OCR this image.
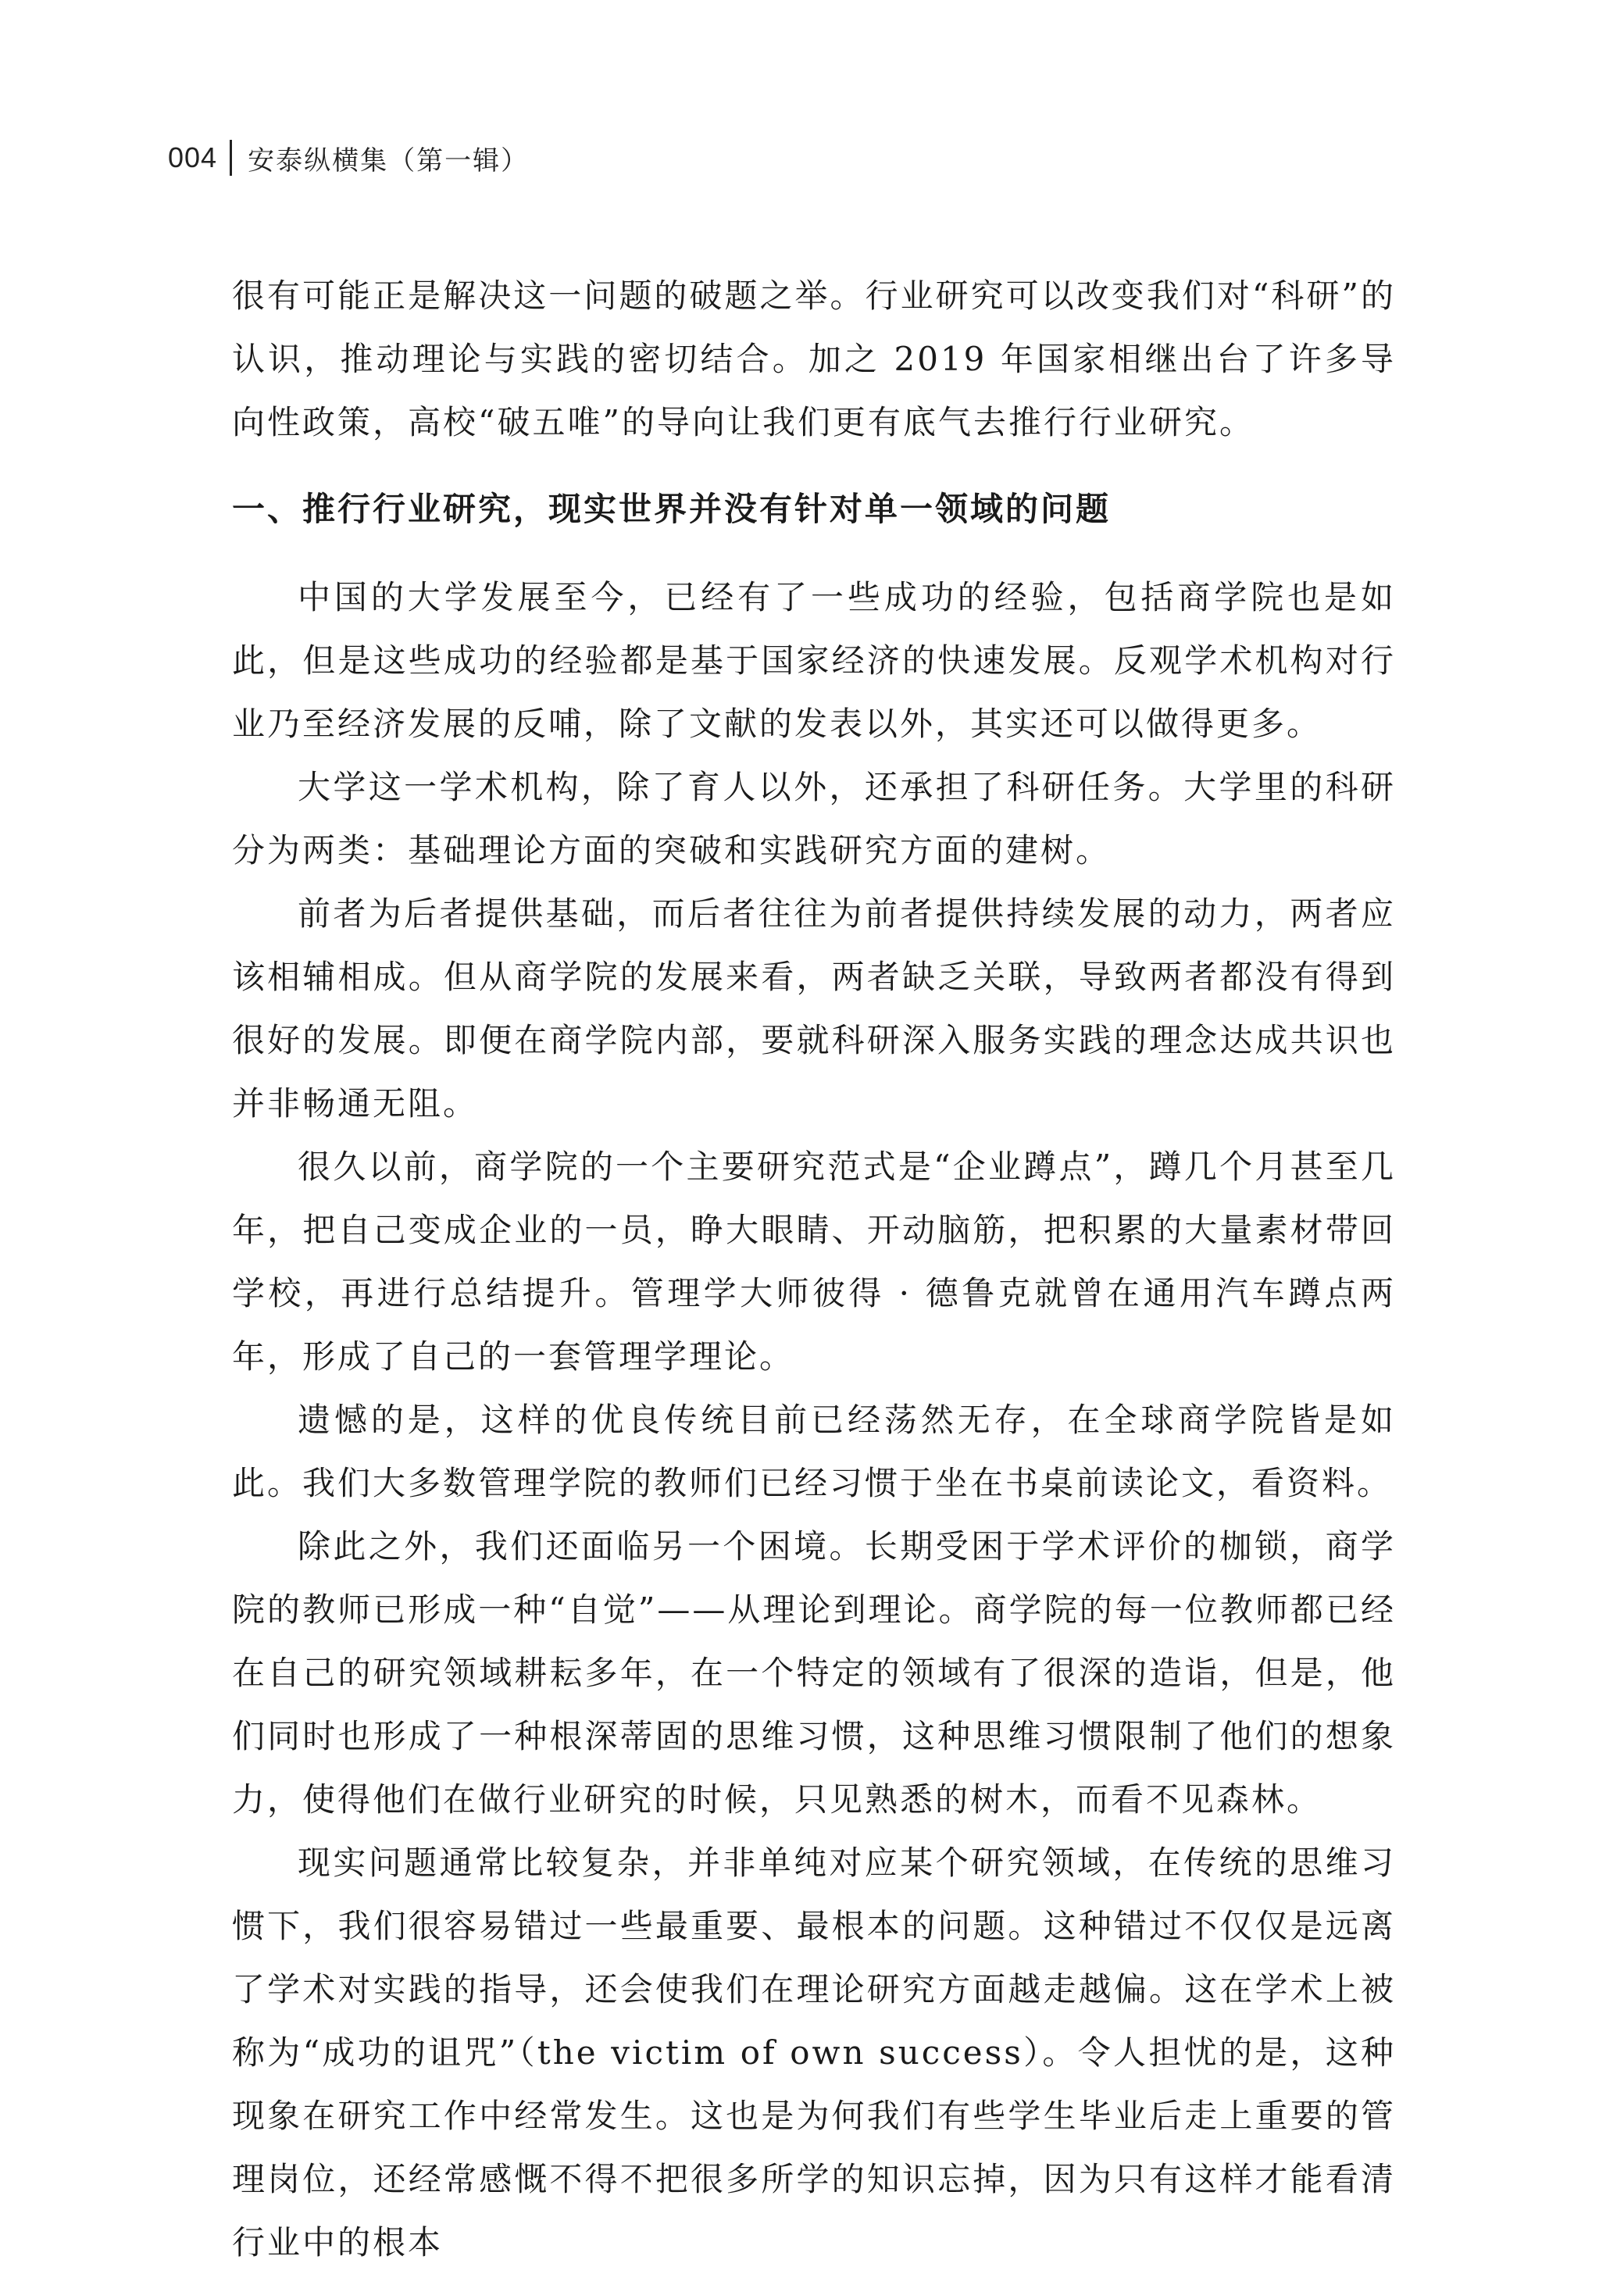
004 安泰纵横集（第一辑）

很有可能正是解决这一问题的破题之举。行业研究可以改变我们对“科研”的认识，推动理论与实践的密切结合。加之 2019 年国家相继出台了许多导向性政策，高校“破五唯”的导向让我们更有底气去推行行业研究。

一、推行行业研究，现实世界并没有针对单一领域的问题

中国的大学发展至今，已经有了一些成功的经验，包括商学院也是如此，但是这些成功的经验都是基于国家经济的快速发展。反观学术机构对行业乃至经济发展的反哺，除了文献的发表以外，其实还可以做得更多。

大学这一学术机构，除了育人以外，还承担了科研任务。大学里的科研分为两类：基础理论方面的突破和实践研究方面的建树。

前者为后者提供基础，而后者往往为前者提供持续发展的动力，两者应该相辅相成。但从商学院的发展来看，两者缺乏关联，导致两者都没有得到很好的发展。即便在商学院内部，要就科研深入服务实践的理念达成共识也并非畅通无阻。

很久以前，商学院的一个主要研究范式是“企业蹲点”，蹲几个月甚至几年，把自己变成企业的一员，睁大眼睛、开动脑筋，把积累的大量素材带回学校，再进行总结提升。管理学大师彼得 · 德鲁克就曾在通用汽车蹲点两年，形成了自己的一套管理学理论。

遗憾的是，这样的优良传统目前已经荡然无存，在全球商学院皆是如此。我们大多数管理学院的教师们已经习惯于坐在书桌前读论文，看资料。

除此之外，我们还面临另一个困境。长期受困于学术评价的枷锁，商学院的教师已形成一种“自觉”——从理论到理论。商学院的每一位教师都已经在自己的研究领域耕耘多年，在一个特定的领域有了很深的造诣，但是，他们同时也形成了一种根深蒂固的思维习惯，这种思维习惯限制了他们的想象力，使得他们在做行业研究的时候，只见熟悉的树木，而看不见森林。

现实问题通常比较复杂，并非单纯对应某个研究领域，在传统的思维习惯下，我们很容易错过一些最重要、最根本的问题。这种错过不仅仅是远离了学术对实践的指导，还会使我们在理论研究方面越走越偏。这在学术上被称为“成功的诅咒”（the victim of own success）。令人担忧的是，这种现象在研究工作中经常发生。这也是为何我们有些学生毕业后走上重要的管理岗位，还经常感慨不得不把很多所学的知识忘掉，因为只有这样才能看清行业中的根本
